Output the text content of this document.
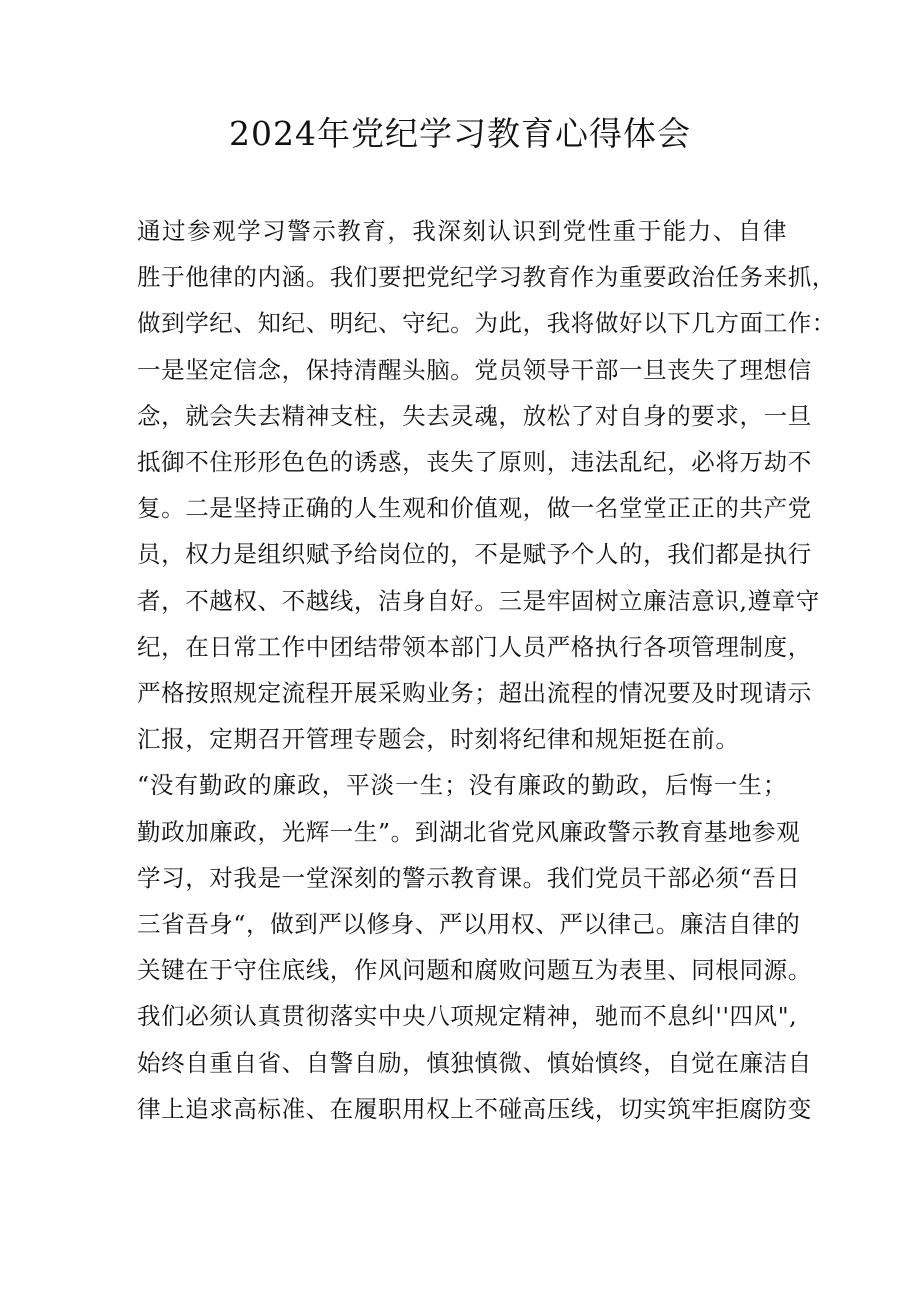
2024年党纪学习教育心得体会

通过参观学习警示教育，我深刻认识到党性重于能力、自律
胜于他律的内涵。我们要把党纪学习教育作为重要政治任务来抓，
做到学纪、知纪、明纪、守纪。为此，我将做好以下几方面工作：
一是坚定信念，保持清醒头脑。党员领导干部一旦丧失了理想信
念，就会失去精神支柱，失去灵魂，放松了对自身的要求，一旦
抵御不住形形色色的诱惑，丧失了原则，违法乱纪，必将万劫不
复。二是坚持正确的人生观和价值观，做一名堂堂正正的共产党
员，权力是组织赋予给岗位的，不是赋予个人的，我们都是执行
者，不越权、不越线，洁身自好。三是牢固树立廉洁意识,遵章守
纪，在日常工作中团结带领本部门人员严格执行各项管理制度，
严格按照规定流程开展采购业务；超出流程的情况要及时现请示
汇报，定期召开管理专题会，时刻将纪律和规矩挺在前。

“没有勤政的廉政，平淡一生；没有廉政的勤政，后悔一生；
勤政加廉政，光辉一生”。到湖北省党风廉政警示教育基地参观
学习，对我是一堂深刻的警示教育课。我们党员干部必须“吾日
三省吾身“，做到严以修身、严以用权、严以律己。廉洁自律的
关键在于守住底线，作风问题和腐败问题互为表里、同根同源。
我们必须认真贯彻落实中央八项规定精神，驰而不息纠''四风",
始终自重自省、自警自励，慎独慎微、慎始慎终，自觉在廉洁自
律上追求高标准、在履职用权上不碰高压线，切实筑牢拒腐防变
